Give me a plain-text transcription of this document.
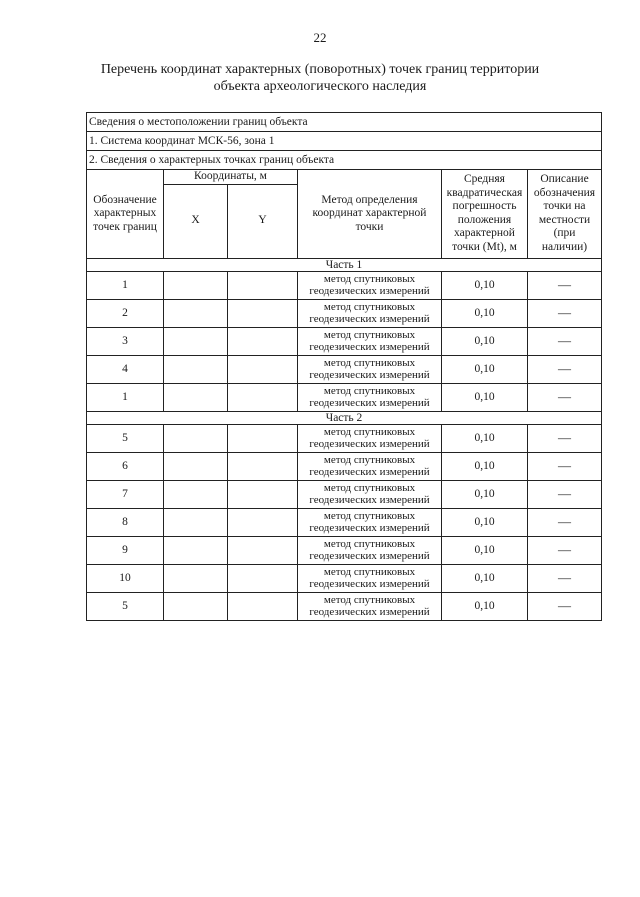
22
Перечень координат характерных (поворотных) точек границ территории
объекта археологического наследия
Сведения о местоположении границ объекта					
1. Система координат МСК-56, зона 1					
2. Сведения о характерных точках границ объекта					
Обозначение характерных точек границ	Координаты, м		Метод определения координат характерной точки	Средняя квадратическая погрешность положения характерной точки (Mt), м	Описание обозначения точки на местности (при наличии)
	X	Y			
Часть 1					
1			метод спутниковых геодезических измерений	0,10	—
2			метод спутниковых геодезических измерений	0,10	—
3			метод спутниковых геодезических измерений	0,10	—
4			метод спутниковых геодезических измерений	0,10	—
1			метод спутниковых геодезических измерений	0,10	—
Часть 2					
5			метод спутниковых геодезических измерений	0,10	—
6			метод спутниковых геодезических измерений	0,10	—
7			метод спутниковых геодезических измерений	0,10	—
8			метод спутниковых геодезических измерений	0,10	—
9			метод спутниковых геодезических измерений	0,10	—
10			метод спутниковых геодезических измерений	0,10	—
5			метод спутниковых геодезических измерений	0,10	—
